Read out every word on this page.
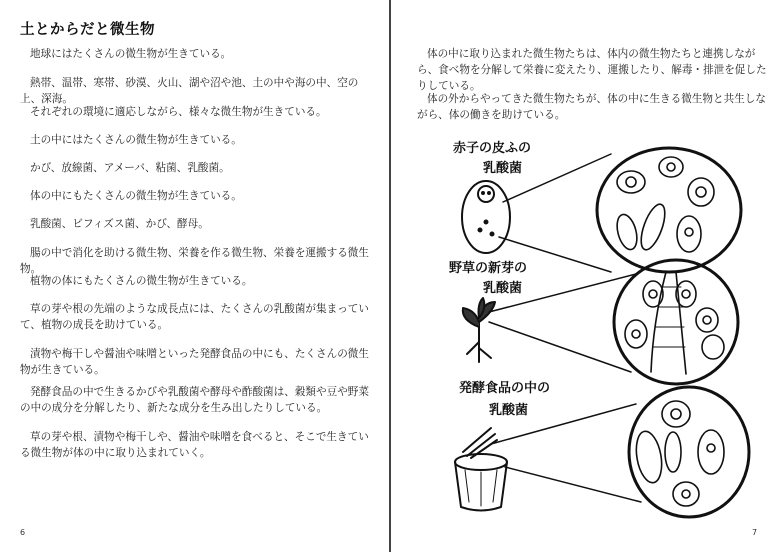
土とからだと微生物

地球にはたくさんの微生物が生きている。

熱帯、温帯、寒帯、砂漠、火山、湖や沼や池、土の中や海の中、空の上、深海。

それぞれの環境に適応しながら、様々な微生物が生きている。

土の中にはたくさんの微生物が生きている。

かび、放線菌、アメーバ、粘菌、乳酸菌。

体の中にもたくさんの微生物が生きている。

乳酸菌、ビフィズス菌、かび、酵母。

腸の中で消化を助ける微生物、栄養を作る微生物、栄養を運搬する微生物。

植物の体にもたくさんの微生物が生きている。

草の芽や根の先端のような成長点には、たくさんの乳酸菌が集まっていて、植物の成長を助けている。

漬物や梅干しや醤油や味噌といった発酵食品の中にも、たくさんの微生物が生きている。

発酵食品の中で生きるかびや乳酸菌や酵母や酢酸菌は、穀類や豆や野菜の中の成分を分解したり、新たな成分を生み出したりしている。

草の芽や根、漬物や梅干しや、醤油や味噌を食べると、そこで生きている微生物が体の中に取り込まれていく。

6

体の中に取り込まれた微生物たちは、体内の微生物たちと連携しながら、食べ物を分解して栄養に変えたり、運搬したり、解毒・排泄を促したりしている。

体の外からやってきた微生物たちが、体の中に生きる微生物と共生しながら、体の働きを助けている。

赤子の皮ふの
乳酸菌
野草の新芽の
乳酸菌
発酵食品の中の
乳酸菌
7
